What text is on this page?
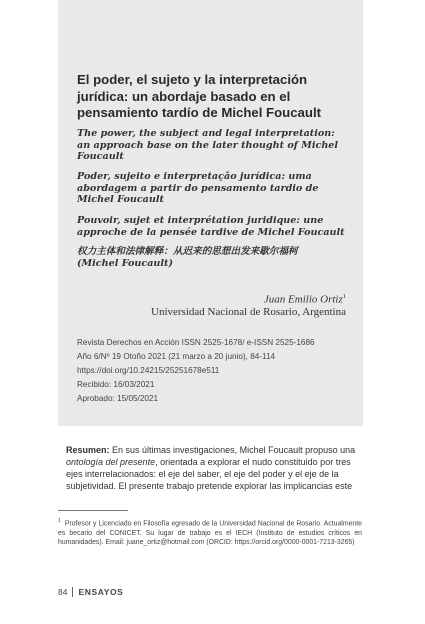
El poder, el sujeto y la interpretación
jurídica: un abordaje basado en el
pensamiento tardío de Michel Foucault

The power, the subject and legal interpretation:
an approach base on the later thought of Michel
Foucault

Poder, sujeito e interpretação jurídica: uma
abordagem a partir do pensamento tardio de
Michel Foucault

Pouvoir, sujet et interprétation juridique: une
approche de la pensée tardive de Michel Foucault

权力主体和法律解释：从迟来的思想出发来歇尔福柯
(Michel Foucault)

Juan Emilio Ortiz$^1$
Universidad Nacional de Rosario, Argentina
Revista Derechos en Acción ISSN 2525-1678/ e-ISSN 2525-1686
Año 6/Nº 19 Otoño 2021 (21 marzo a 20 junio), 84-114
https://doi.org/10.24215/25251678e511
Recibido: 16/03/2021
Aprobado: 15/05/2021

Resumen: En sus últimas investigaciones, Michel Foucault propuso una ontología del presente, orientada a explorar el nudo constituido por tres ejes interrelacionados: el eje del saber, el eje del poder y el eje de la subjetividad. El presente trabajo pretende explorar las implicancias este

$^1$ Profesor y Licenciado en Filosofía egresado de la Universidad Nacional de Rosario. Actualmente es becario del CONICET. Su lugar de trabajo es el IECH (Instituto de estudios críticos en humanidades). Email: juane_ortiz@hotmail.com (ORCID: https://orcid.org/0000-0001-7213-3265)

84 ENSAYOS
